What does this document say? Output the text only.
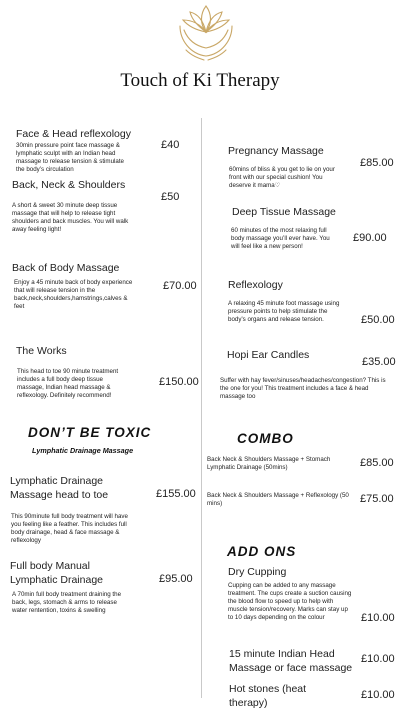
Touch of Ki Therapy
Face & Head reflexology
£40
30min pressure point face massage & lymphatic sculpt with an Indian head massage to release tension & stimulate the body’s circulation
Back, Neck & Shoulders
£50
A short & sweet 30 minute deep tissue massage that will help to release tight shoulders and back muscles. You will walk away feeling light!
Back of Body Massage
£70.00
Enjoy a 45 minute back of body experience that will release tension in the back,neck,shoulders,hamstrings,calves & feet
The Works
£150.00
This head to toe 90 minute treatment includes a full body deep tissue massage, Indian head massage & reflexology. Definitely recommend!
DON’T BE TOXIC
Lymphatic Drainage Massage
Lymphatic Drainage Massage head to toe	£155.00
This 90minute full body treatment will have you feeling like a feather. This includes full body drainage, head & face massage & reflexology
Full body Manual Lymphatic Drainage	£95.00
A 70min full body treatment draining the back, legs, stomach & arms to release water rentention, toxins & swelling
Pregnancy Massage
£85.00
60mins of bliss & you get to lie on your front with our special cushion! You deserve it mama♡
Deep Tissue Massage
£90.00
60 minutes of the most relaxing full body massage you’ll ever have. You will feel like a new person!
Reflexology
£50.00
A relaxing 45 minute foot massage using pressure points to help stimulate the body’s organs and release tension.
Hopi Ear Candles
£35.00
Suffer with hay fever/sinuses/headaches/congestion? This is the one for you! This treatment includes a face & head massage too
COMBO
Back Neck & Shoulders Massage + Stomach Lymphatic Drainage (50mins)	£85.00
Back Neck & Shoulders Massage + Reflexology (50 mins)	£75.00
ADD ONS
Dry Cupping
Cupping can be added to any massage treatment. The cups create a suction causing the blood flow to speed up to help with muscle tension/recovery. Marks can stay up to 10 days depending on the colour	£10.00
15 minute Indian Head Massage or face massage
£10.00
Hot stones (heat therapy)
£10.00
